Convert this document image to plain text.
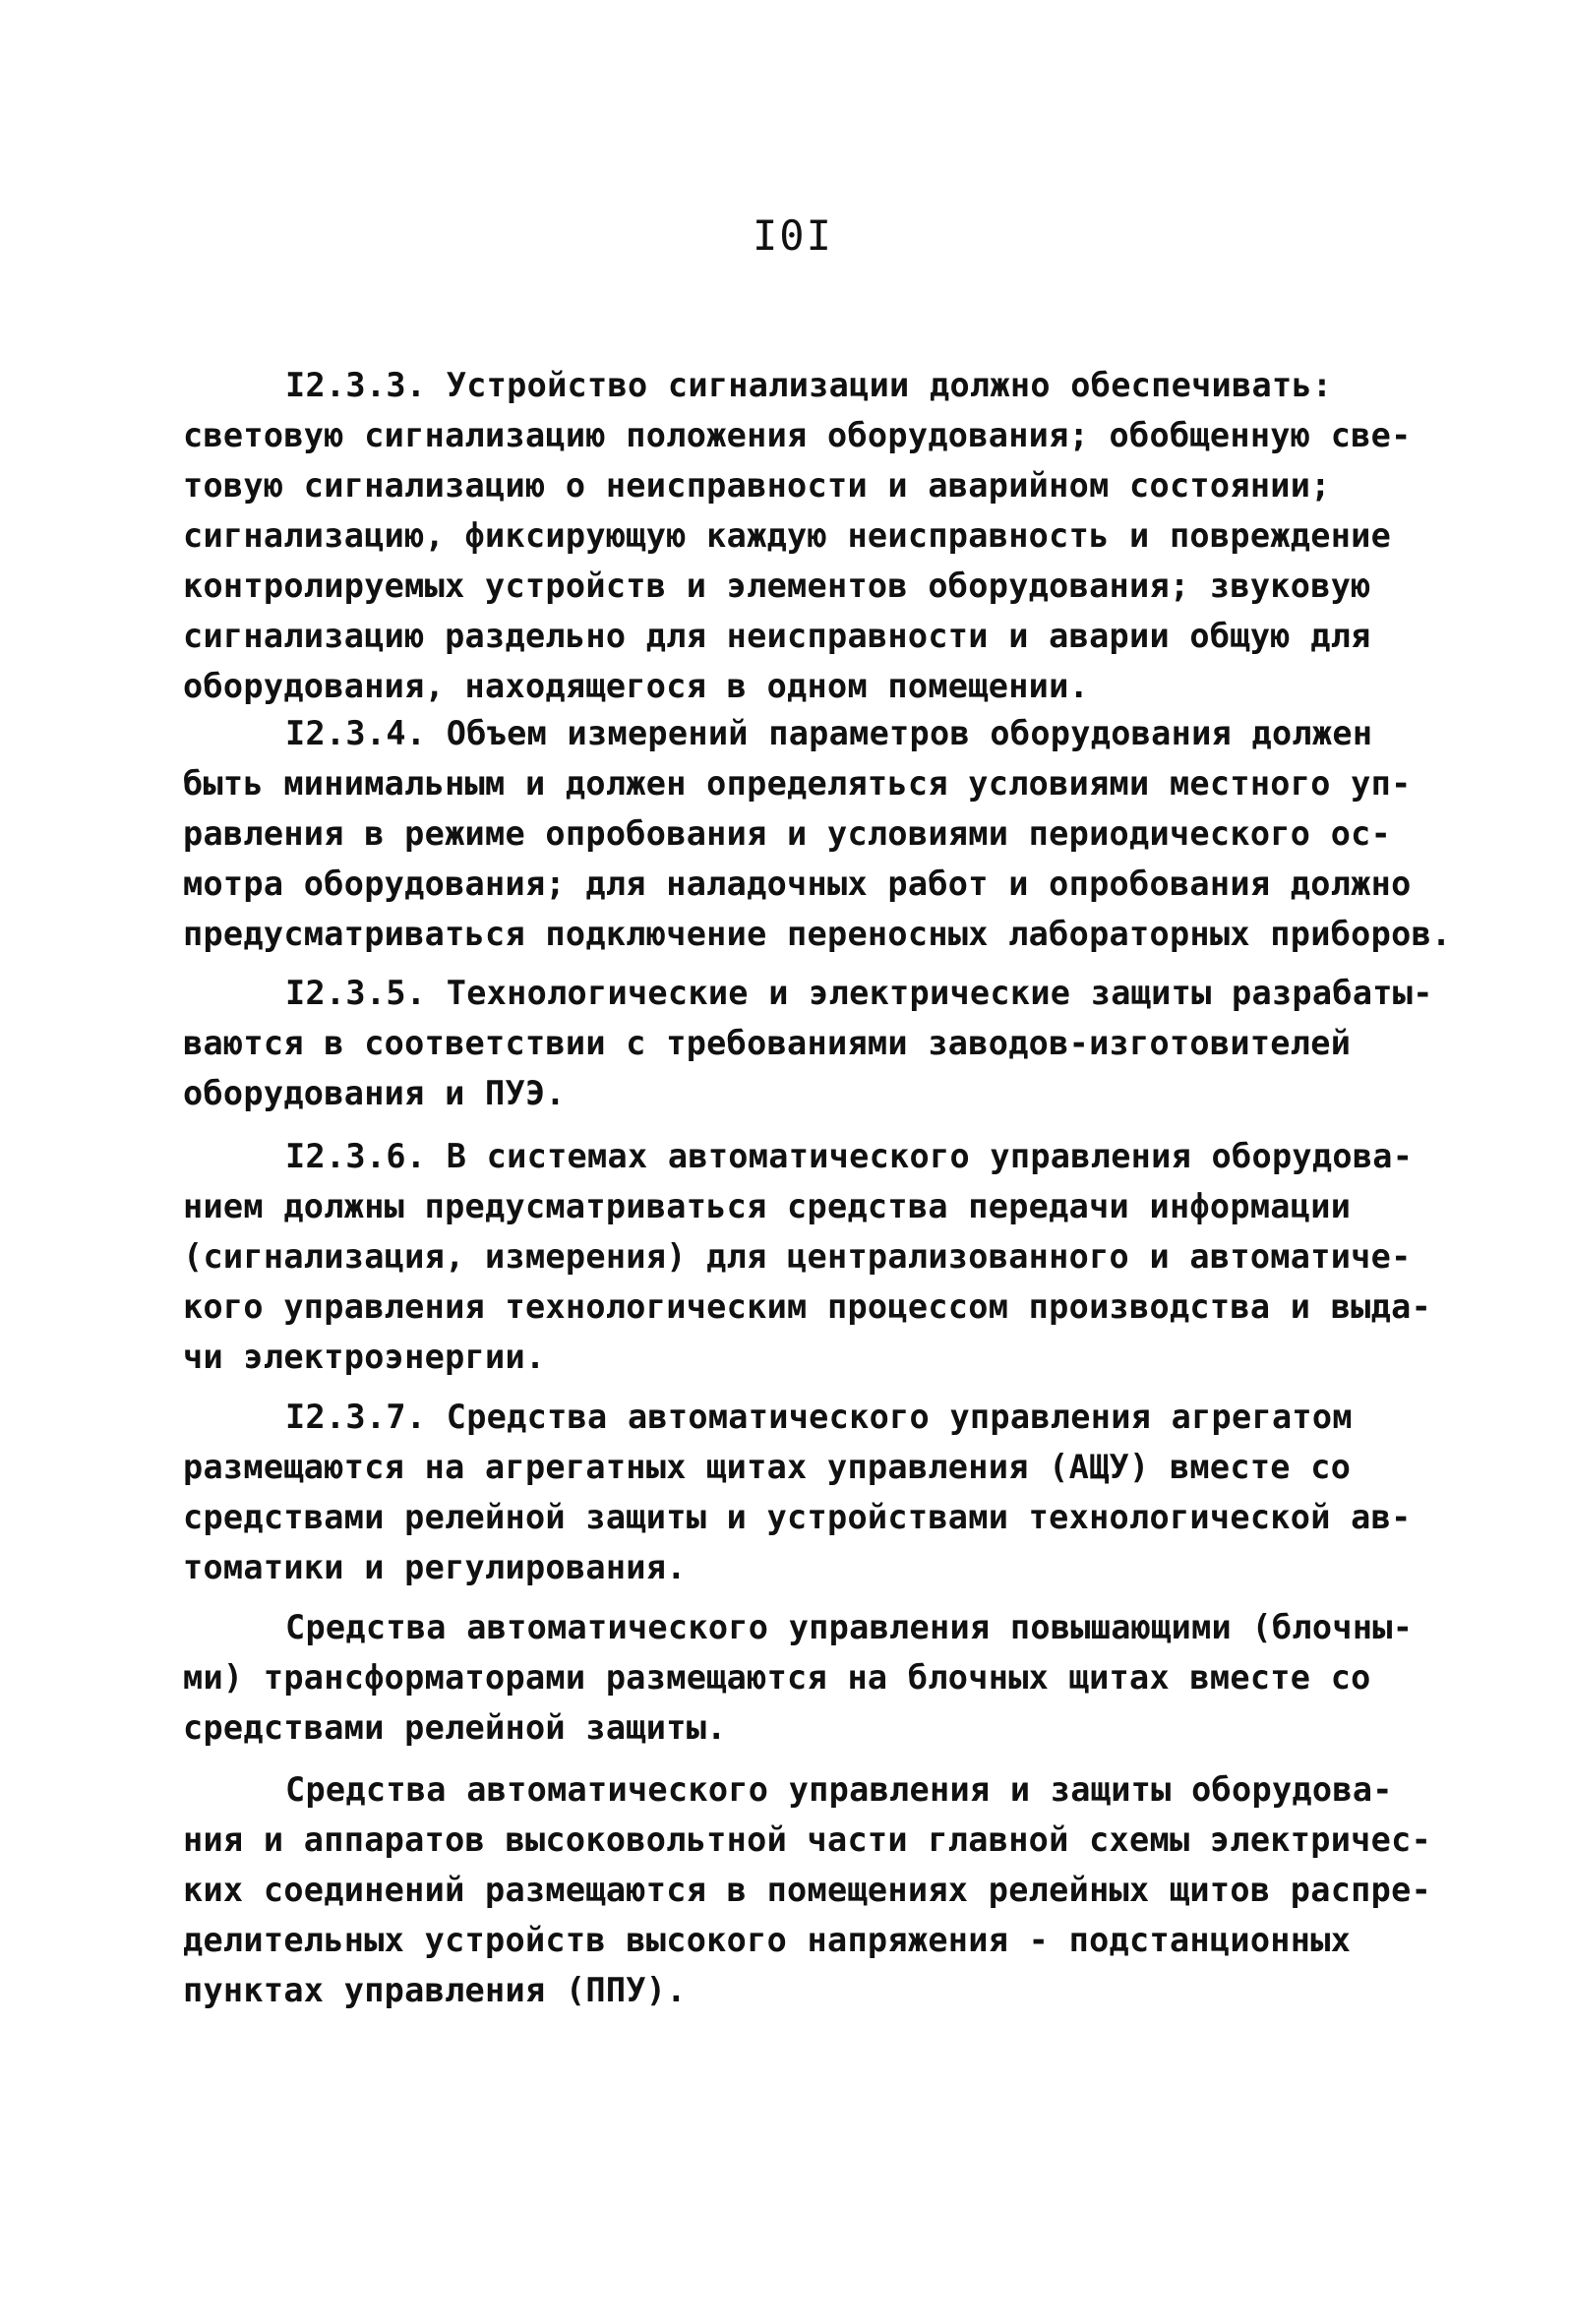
I0I
I2.3.3. Устройство сигнализации должно обеспечивать:
световую сигнализацию положения оборудования; обобщенную све-
товую сигнализацию о неисправности и аварийном состоянии;
сигнализацию, фиксирующую каждую неисправность и повреждение
контролируемых устройств и элементов оборудования; звуковую
сигнализацию раздельно для неисправности и аварии общую для
оборудования, находящегося в одном помещении.
I2.3.4. Объем измерений параметров оборудования должен
быть минимальным и должен определяться условиями местного уп-
равления в режиме опробования и условиями периодического ос-
мотра оборудования; для наладочных работ и опробования должно
предусматриваться подключение переносных лабораторных приборов.
I2.3.5. Технологические и электрические защиты разрабаты-
ваются в соответствии с требованиями заводов-изготовителей
оборудования и ПУЭ.
I2.3.6. В системах автоматического управления оборудова-
нием должны предусматриваться средства передачи информации
(сигнализация, измерения) для централизованного и автоматиче-
кого управления технологическим процессом производства и выда-
чи электроэнергии.
I2.3.7. Средства автоматического управления агрегатом
размещаются на агрегатных щитах управления (АЩУ) вместе со
средствами релейной защиты и устройствами технологической ав-
томатики и регулирования.
Средства автоматического управления повышающими (блочны-
ми) трансформаторами размещаются на блочных щитах вместе со
средствами релейной защиты.
Средства автоматического управления и защиты оборудова-
ния и аппаратов высоковольтной части главной схемы электричес-
ких соединений размещаются в помещениях релейных щитов распре-
делительных устройств высокого напряжения - подстанционных
пунктах управления (ППУ).
